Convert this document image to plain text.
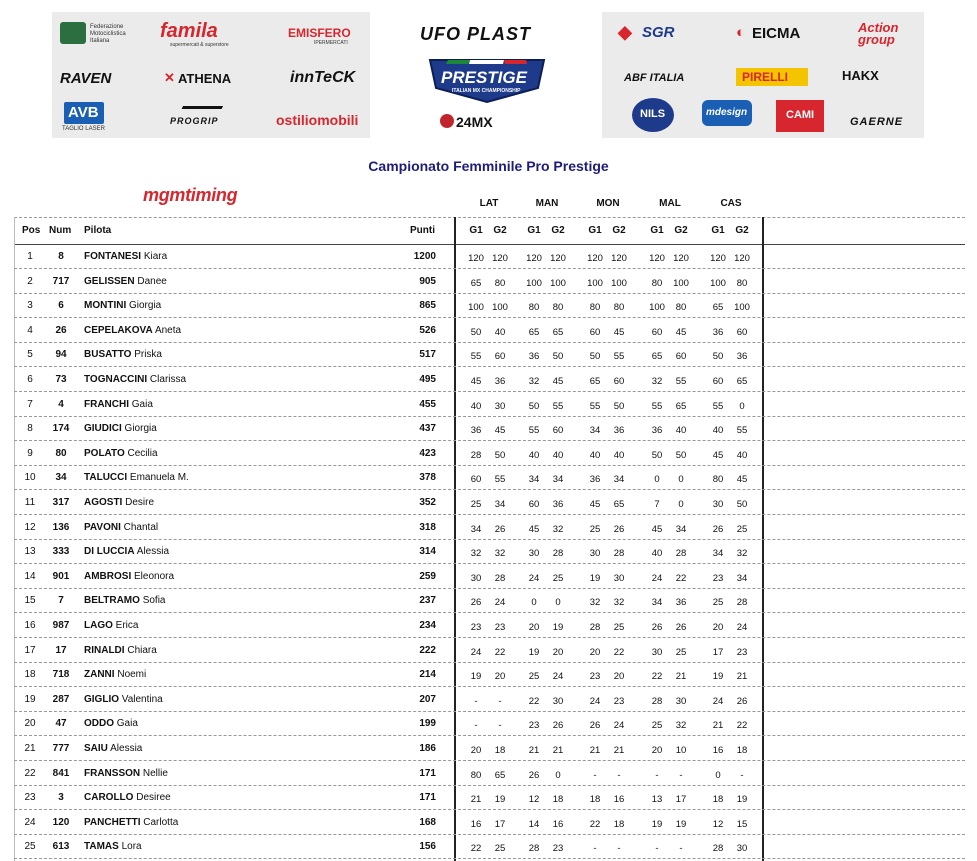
Federazione Motociclistica Italiana	famila
supermercati & superstore
EMISFERO
IPERMERCATI
RAVEN	✕ ATHENA	innTeCK
AVB
TAGLIO LASER
PROGRIP	ostiliomobili
◆ SGR	◐ EICMA	Action group
ABF ITALIA	PIRELLI	HAKX
NILS	mdesign	CAMI
GAERNE
UFO PLAST
PRESTIGE
ITALIAN MX CHAMPIONSHIP
24MX
Campionato Femminile Pro Prestige
mgmtiming
Pos Num Pilota	Punti
LAT
G1	G2
MAN
G1	G2
MON
G1	G2
MAL
G1	G2
CAS
G1	G2
1	8	FONTANESI Kiara	1200	120 120	120 120	120 120	120 120	120 120
2	717	GELISSEN Danee	905	65	80	100 100	100 100	80	100	100	80
3	6	MONTINI Giorgia	865	100 100	80	80	80	80	100	80	65	100
4	26	CEPELAKOVA Aneta	526	50	40	65	65	60	45	60	45	36	60
5	94	BUSATTO Priska	517	55	60	36	50	50	55	65	60	50	36
6	73	TOGNACCINI Clarissa	495	45	36	32	45	65	60	32	55	60	65
7	4	FRANCHI Gaia	455	40	30	50	55	55	50	55	65	55	0
8	174	GIUDICI Giorgia	437	36	45	55	60	34	36	36	40	40	55
9	80	POLATO Cecilia	423	28	50	40	40	40	40	50	50	45	40
10	34	TALUCCI Emanuela M.	378	60	55	34	34	36	34	0	0	80	45
11	317	AGOSTI Desire	352	25	34	60	36	45	65	7	0	30	50
12	136	PAVONI Chantal	318	34	26	45	32	25	26	45	34	26	25
13	333	DI LUCCIA Alessia	314	32	32	30	28	30	28	40	28	34	32
14	901	AMBROSI Eleonora	259	30	28	24	25	19	30	24	22	23	34
15	7	BELTRAMO Sofia	237	26	24	0	0	32	32	34	36	25	28
16	987	LAGO Erica	234	23	23	20	19	28	25	26	26	20	24
17	17	RINALDI Chiara	222	24	22	19	20	20	22	30	25	17	23
18	718	ZANNI Noemi	214	19	20	25	24	23	20	22	21	19	21
19	287	GIGLIO Valentina	207	-	-	22	30	24	23	28	30	24	26
20	47	ODDO Gaia	199	-	-	23	26	26	24	25	32	21	22
21	777	SAIU Alessia	186	20	18	21	21	21	21	20	10	16	18
22	841	FRANSSON Nellie	171	80	65	26	0	-	-	-	-	0	-
23	3	CAROLLO Desiree	171	21	19	12	18	18	16	13	17	18	19
24	120	PANCHETTI Carlotta	168	16	17	14	16	22	18	19	19	12	15
25	613	TAMAS Lora	156	22	25	28	23	-	-	-	-	28	30
